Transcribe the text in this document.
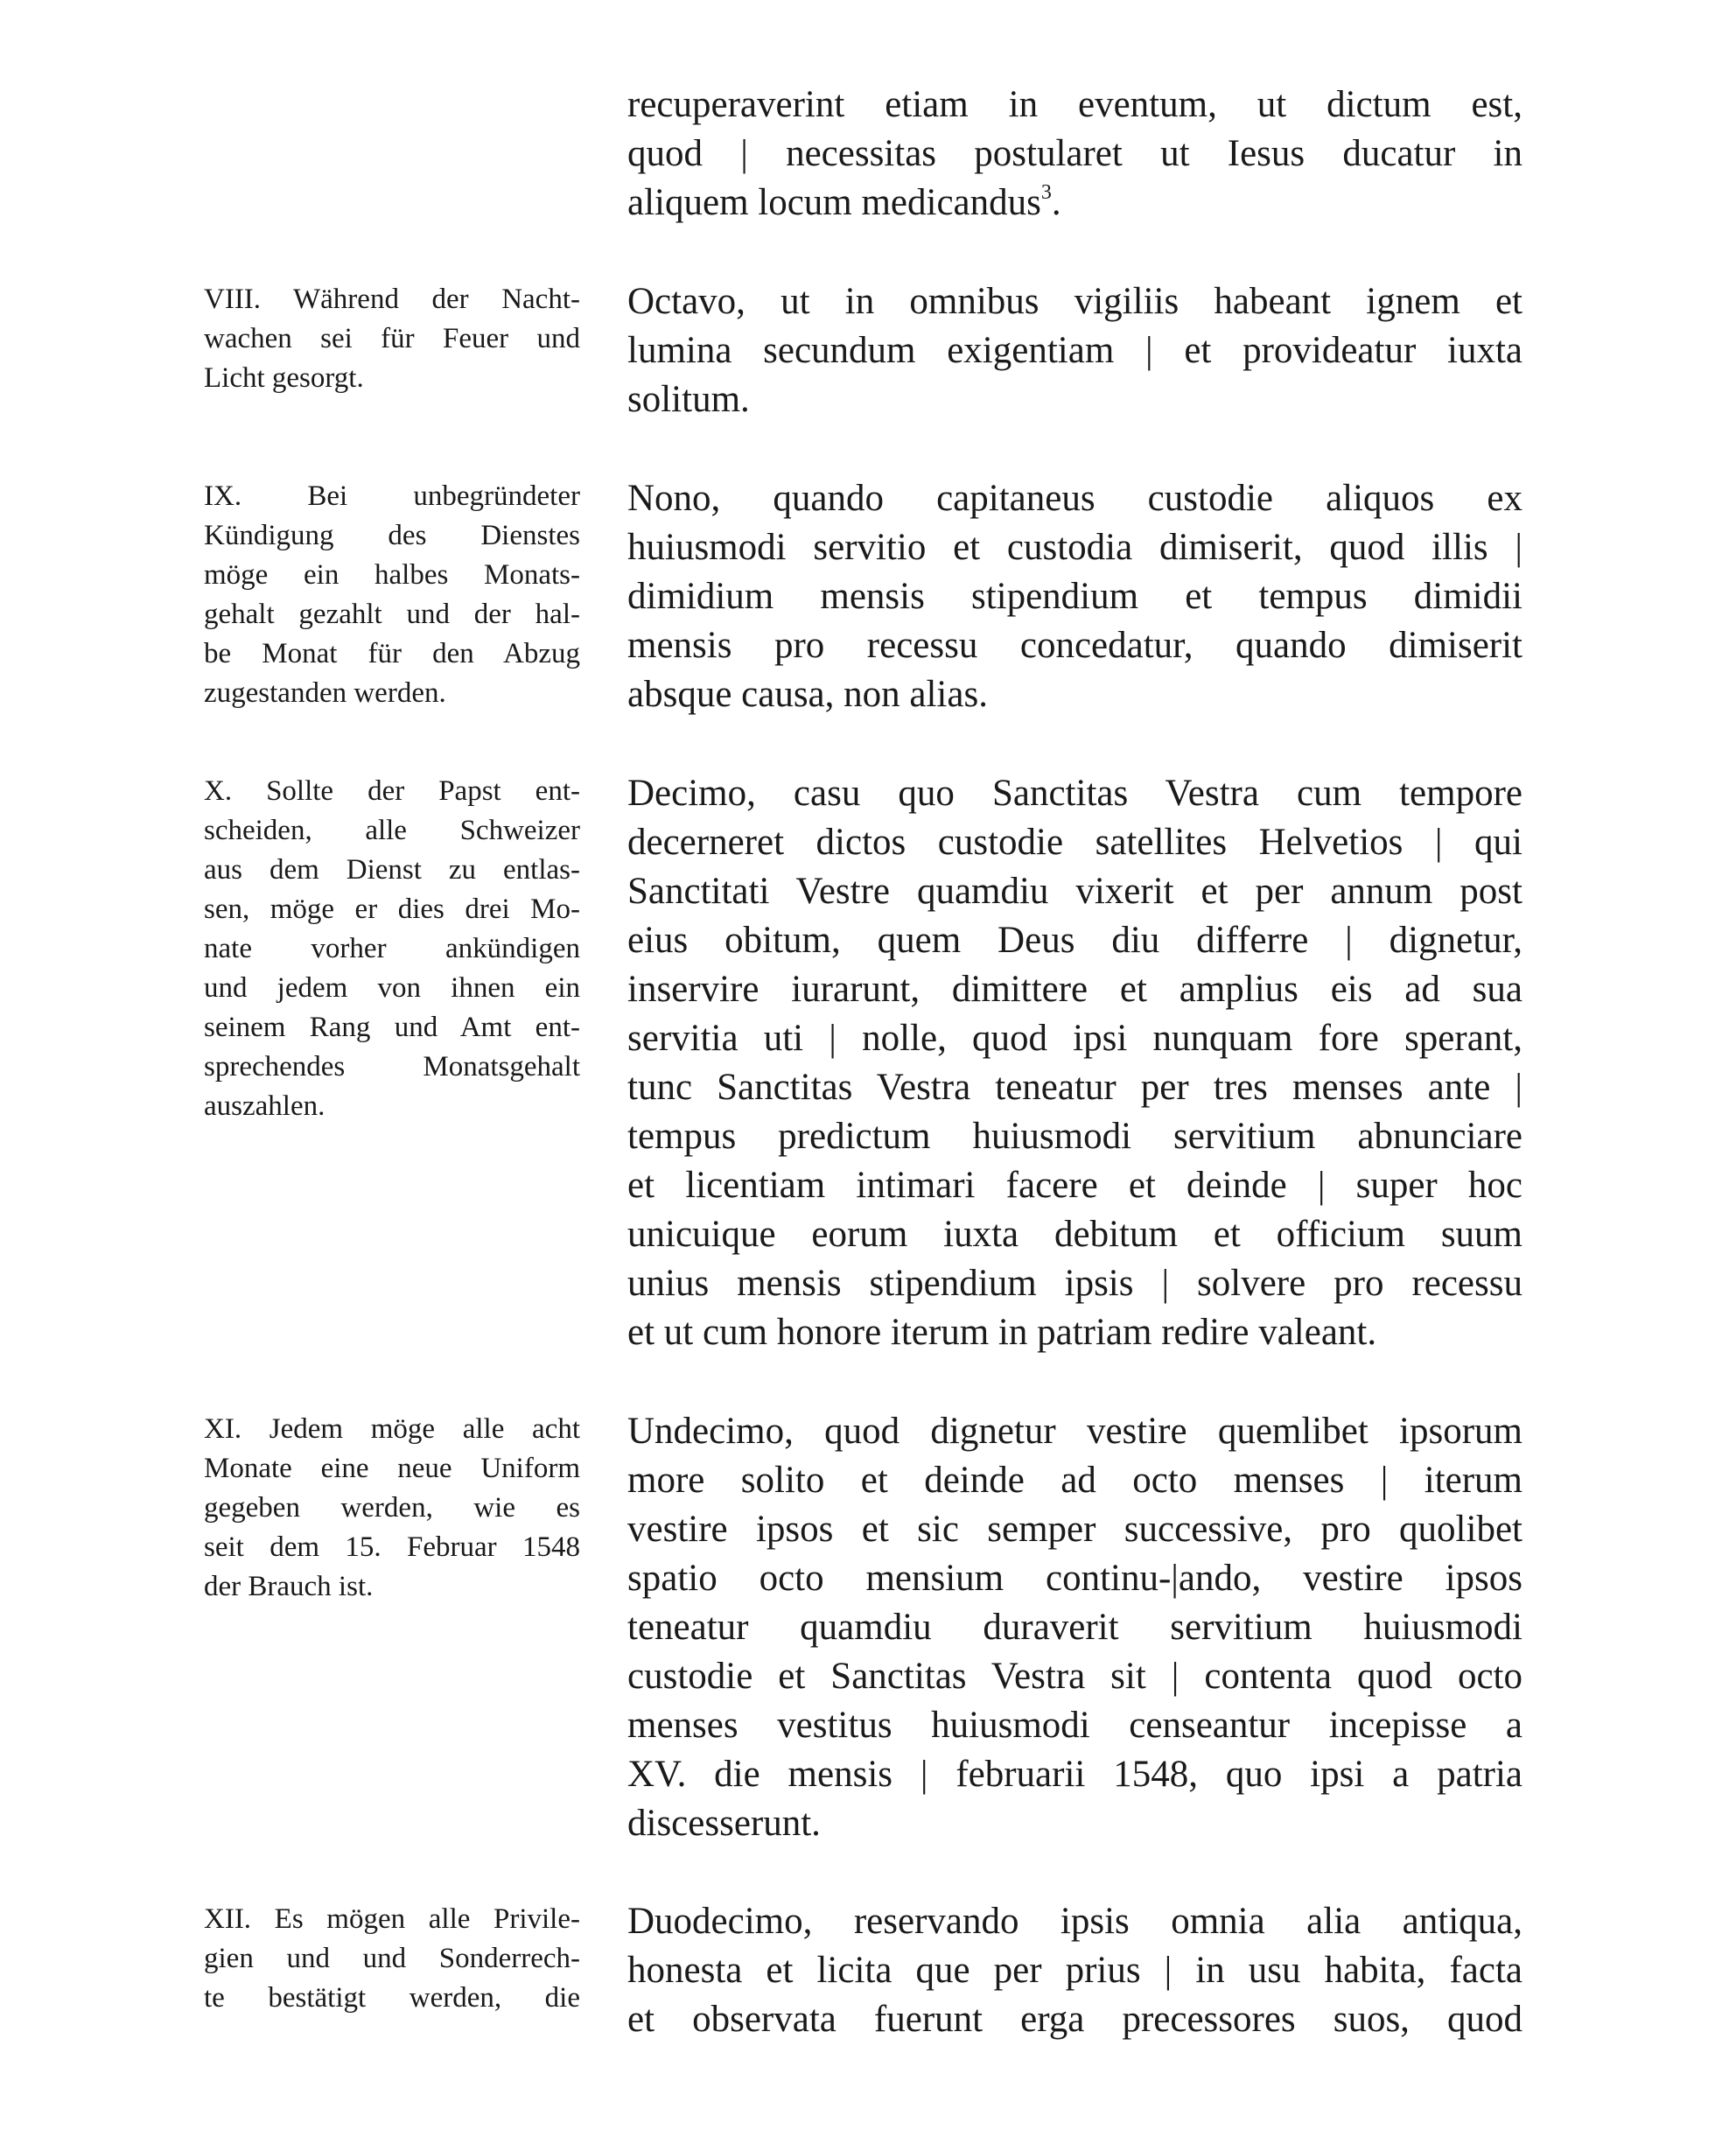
recuperaverint etiam in eventum, ut dictum est,
quod | necessitas postularet ut Iesus ducatur in
aliquem locum medicandus$^3$.
VIII. Während der Nacht-
wachen sei für Feuer und
Licht gesorgt.
Octavo, ut in omnibus vigiliis habeant ignem et
lumina secundum exigentiam | et provideatur iuxta
solitum.
IX. Bei unbegründeter
Kündigung des Dienstes
möge ein halbes Monats-
gehalt gezahlt und der hal-
be Monat für den Abzug
zugestanden werden.
Nono, quando capitaneus custodie aliquos ex
huiusmodi servitio et custodia dimiserit, quod illis |
dimidium mensis stipendium et tempus dimidii
mensis pro recessu concedatur, quando dimiserit
absque causa, non alias.
X. Sollte der Papst ent-
scheiden, alle Schweizer
aus dem Dienst zu entlas-
sen, möge er dies drei Mo-
nate vorher ankündigen
und jedem von ihnen ein
seinem Rang und Amt ent-
sprechendes Monatsgehalt
auszahlen.
Decimo, casu quo Sanctitas Vestra cum tempore
decerneret dictos custodie satellites Helvetios | qui
Sanctitati Vestre quamdiu vixerit et per annum post
eius obitum, quem Deus diu differre | dignetur,
inservire iurarunt, dimittere et amplius eis ad sua
servitia uti | nolle, quod ipsi nunquam fore sperant,
tunc Sanctitas Vestra teneatur per tres menses ante |
tempus predictum huiusmodi servitium abnunciare
et licentiam intimari facere et deinde | super hoc
unicuique eorum iuxta debitum et officium suum
unius mensis stipendium ipsis | solvere pro recessu
et ut cum honore iterum in patriam redire valeant.
XI. Jedem möge alle acht
Monate eine neue Uniform
gegeben werden, wie es
seit dem 15. Februar 1548
der Brauch ist.
Undecimo, quod dignetur vestire quemlibet ipsorum
more solito et deinde ad octo menses | iterum
vestire ipsos et sic semper successive, pro quolibet
spatio octo mensium continu-|ando, vestire ipsos
teneatur quamdiu duraverit servitium huiusmodi
custodie et Sanctitas Vestra sit | contenta quod octo
menses vestitus huiusmodi censeantur incepisse a
XV. die mensis | februarii 1548, quo ipsi a patria
discesserunt.
XII. Es mögen alle Privile-
gien und und Sonderrech-
te bestätigt werden, die
Duodecimo, reservando ipsis omnia alia antiqua,
honesta et licita que per prius | in usu habita, facta
et observata fuerunt erga precessores suos, quod
